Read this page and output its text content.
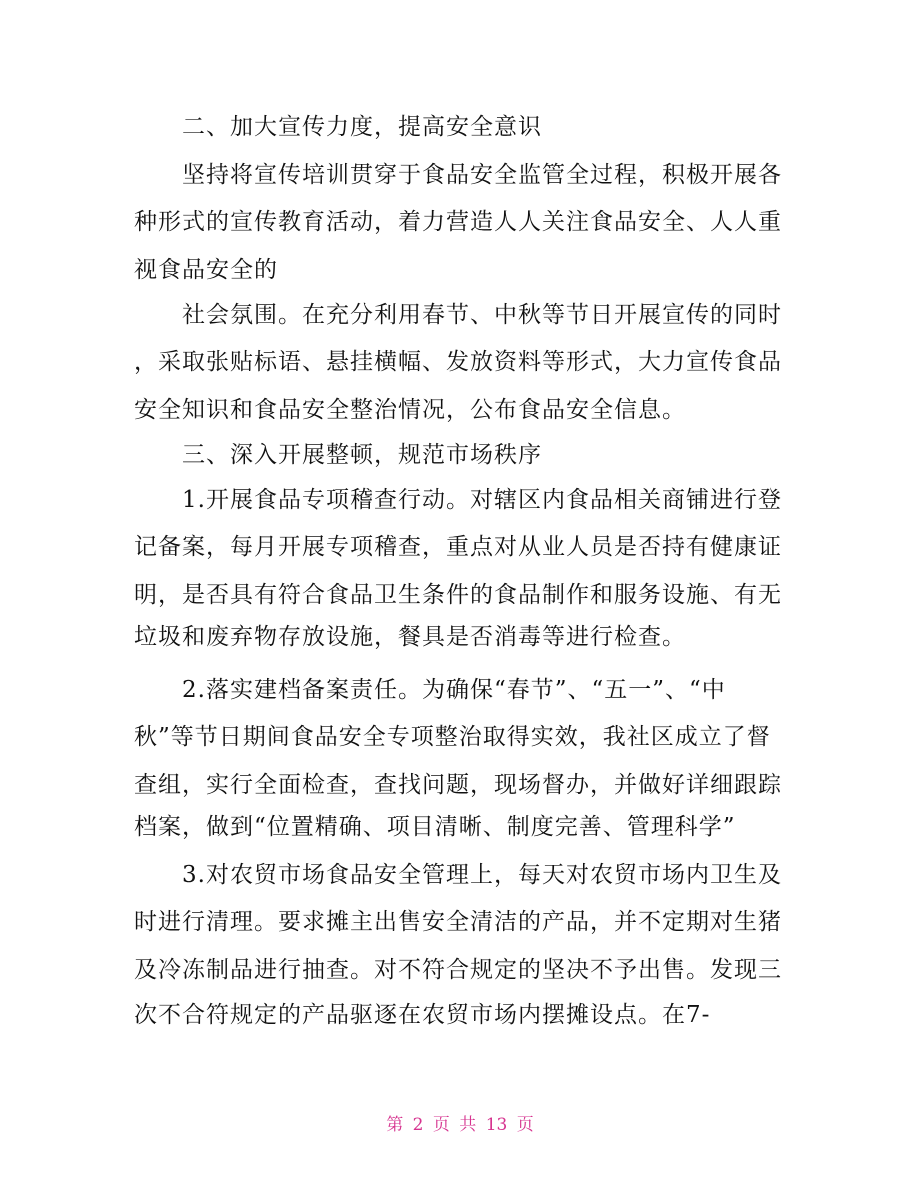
二、加大宣传力度，提高安全意识
坚持将宣传培训贯穿于食品安全监管全过程，积极开展各
种形式的宣传教育活动，着力营造人人关注食品安全、人人重
视食品安全的
社会氛围。在充分利用春节、中秋等节日开展宣传的同时
，采取张贴标语、悬挂横幅、发放资料等形式，大力宣传食品
安全知识和食品安全整治情况，公布食品安全信息。
三、深入开展整顿，规范市场秩序
1.开展食品专项稽查行动。对辖区内食品相关商铺进行登
记备案，每月开展专项稽查，重点对从业人员是否持有健康证
明，是否具有符合食品卫生条件的食品制作和服务设施、有无
垃圾和废弃物存放设施，餐具是否消毒等进行检查。
2.落实建档备案责任。为确保“春节”、“五一”、“中
秋”等节日期间食品安全专项整治取得实效，我社区成立了督
查组，实行全面检查，查找问题，现场督办，并做好详细跟踪
档案，做到“位置精确、项目清晰、制度完善、管理科学”
3.对农贸市场食品安全管理上，每天对农贸市场内卫生及
时进行清理。要求摊主出售安全清洁的产品，并不定期对生猪
及冷冻制品进行抽查。对不符合规定的坚决不予出售。发现三
次不合符规定的产品驱逐在农贸市场内摆摊设点。在7-
第 2 页 共 13 页
